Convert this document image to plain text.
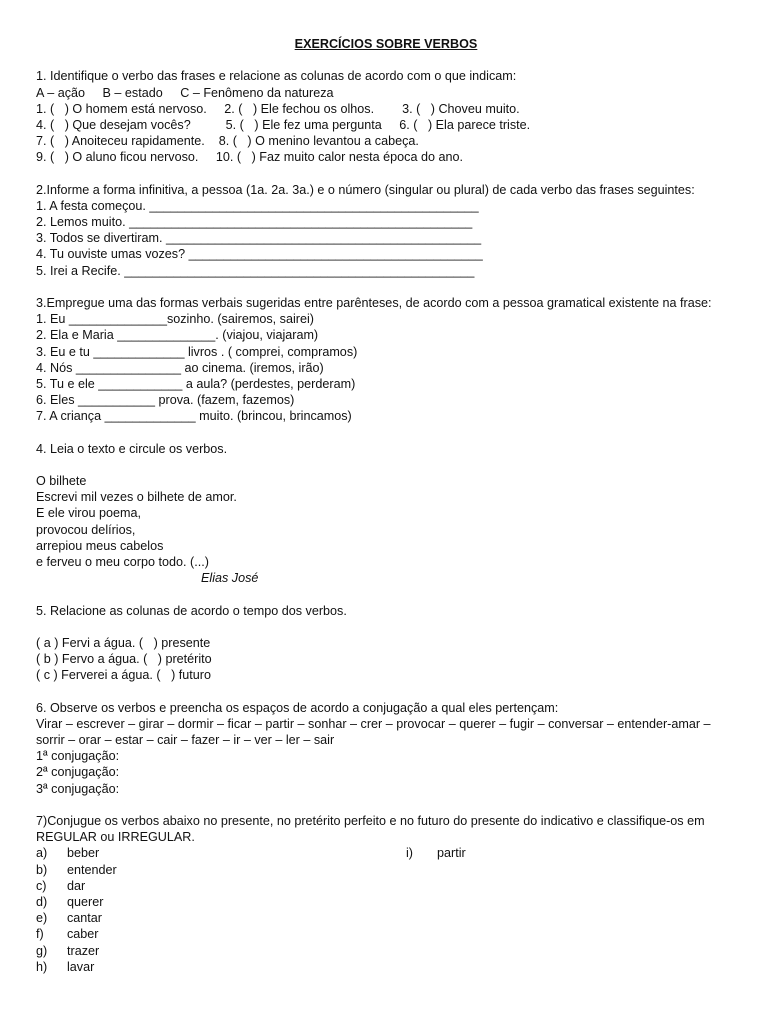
EXERCÍCIOS SOBRE VERBOS
1. Identifique o verbo das frases e relacione as colunas de acordo com o que indicam:
A – ação     B – estado     C – Fenômeno da natureza
1. (   ) O homem está nervoso.     2. (   ) Ele fechou os olhos.        3. (   ) Choveu muito.
4. (   ) Que desejam vocês?          5. (   ) Ele fez uma pergunta     6. (   ) Ela parece triste.
7. (   ) Anoiteceu rapidamente.    8. (   ) O menino levantou a cabeça.
9. (   ) O aluno ficou nervoso.     10. (   ) Faz muito calor nesta época do ano.
2.Informe a forma infinitiva, a pessoa (1a. 2a. 3a.) e o número (singular ou plural) de cada verbo das frases seguintes:
1. A festa começou. _______________________________________________
2. Lemos muito. _________________________________________________
3. Todos se divertiram. _____________________________________________
4. Tu ouviste umas vozes? __________________________________________
5. Irei a Recife. __________________________________________________
3.Empregue uma das formas verbais sugeridas entre parênteses, de acordo com a pessoa gramatical existente na frase:
1. Eu ______________sozinho. (sairemos, sairei)
2. Ela e Maria ______________. (viajou, viajaram)
3. Eu e tu _____________ livros . ( comprei, compramos)
4. Nós _______________ ao cinema. (iremos, irão)
5. Tu e ele ____________ a aula? (perdestes, perderam)
6. Eles ___________ prova. (fazem, fazemos)
7. A criança _____________ muito. (brincou, brincamos)
4. Leia o texto e circule os verbos.
O bilhete
Escrevi mil vezes o bilhete de amor.
E ele virou poema,
provocou delírios,
arrepiou meus cabelos
e ferveu o meu corpo todo. (...)
Elias José
5. Relacione as colunas de acordo o tempo dos verbos.
( a ) Fervi a água. (   ) presente
( b ) Fervo a água. (   ) pretérito
( c ) Ferverei a água. (   ) futuro
6. Observe os verbos e preencha os espaços de acordo a conjugação a qual eles pertençam:
Virar – escrever – girar – dormir – ficar – partir – sonhar – crer – provocar – querer – fugir – conversar – entender-amar – sorrir – orar – estar – cair – fazer – ir – ver – ler – sair
1ª conjugação:
2ª conjugação:
3ª conjugação:
7)Conjugue os verbos abaixo no presente, no pretérito perfeito e no futuro do presente do indicativo e classifique-os em REGULAR ou IRREGULAR.
a)	beber	i) partir
b)	entender
c)	dar
d)	querer
e)	cantar
f)	caber
g)	trazer
h)	lavar
